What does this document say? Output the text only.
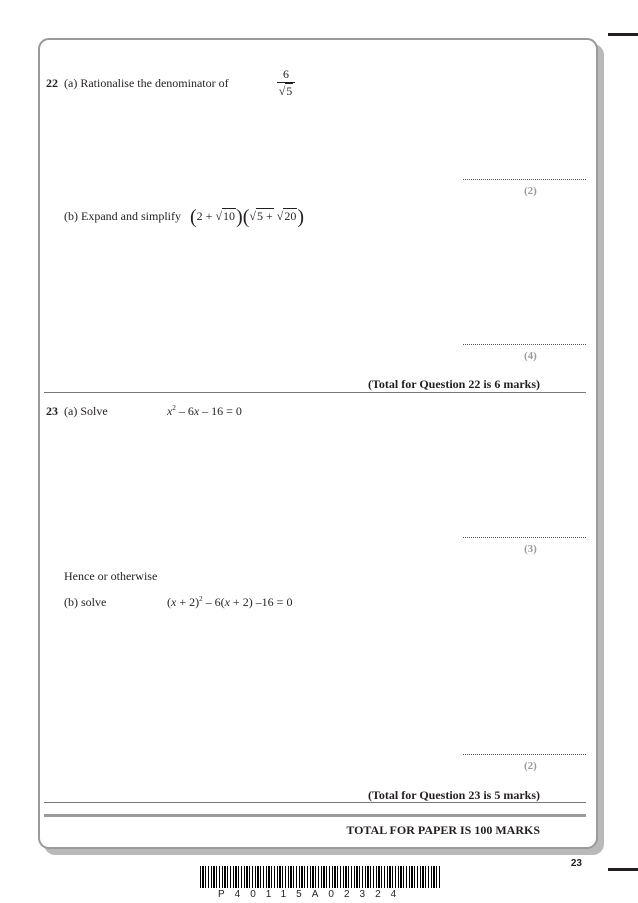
22 (a) Rationalise the denominator of
6
√5
(2)
(b) Expand and simplify (2 + √10)(√5 + √20)
(4)
(Total for Question 22 is 6 marks)
23 (a) Solve	$x^2 - 6x - 16 = 0$
(3)
Hence or otherwise
(b) solve	$(x + 2)^2 - 6(x + 2)$ –16 = 0
(2)
(Total for Question 23 is 5 marks)
TOTAL FOR PAPER IS 100 MARKS
23
P40115A02324
